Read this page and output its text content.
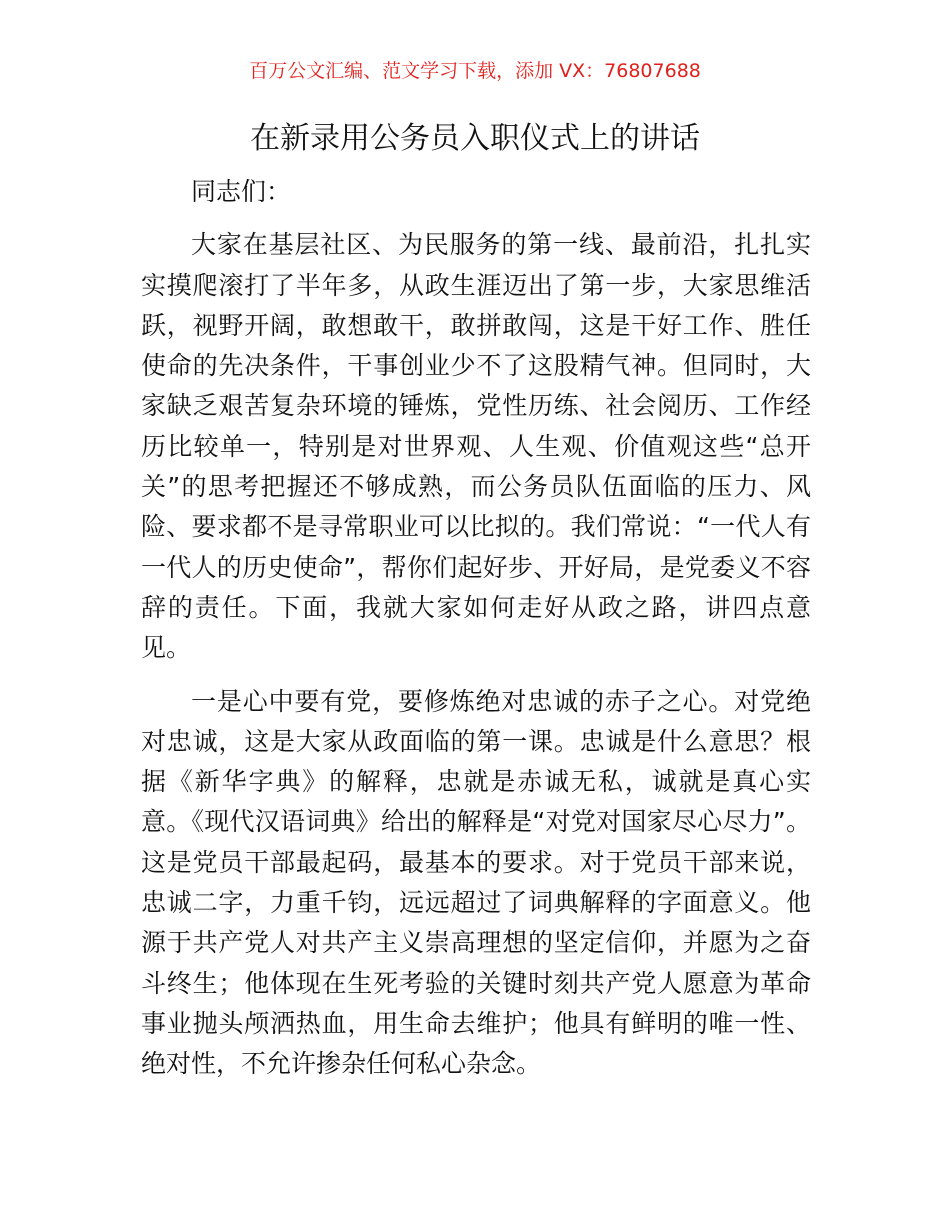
百万公文汇编、范文学习下载，添加 VX：76807688
在新录用公务员入职仪式上的讲话

同志们：

大家在基层社区、为民服务的第一线、最前沿，扎扎实实摸爬滚打了半年多，从政生涯迈出了第一步，大家思维活跃，视野开阔，敢想敢干，敢拼敢闯，这是干好工作、胜任使命的先决条件，干事创业少不了这股精气神。但同时，大家缺乏艰苦复杂环境的锤炼，党性历练、社会阅历、工作经历比较单一，特别是对世界观、人生观、价值观这些“总开关”的思考把握还不够成熟，而公务员队伍面临的压力、风险、要求都不是寻常职业可以比拟的。我们常说：“一代人有一代人的历史使命”，帮你们起好步、开好局，是党委义不容辞的责任。下面，我就大家如何走好从政之路，讲四点意见。

一是心中要有党，要修炼绝对忠诚的赤子之心。对党绝对忠诚，这是大家从政面临的第一课。忠诚是什么意思？根据《新华字典》的解释，忠就是赤诚无私，诚就是真心实意。《现代汉语词典》给出的解释是“对党对国家尽心尽力”。这是党员干部最起码，最基本的要求。对于党员干部来说，忠诚二字，力重千钧，远远超过了词典解释的字面意义。他源于共产党人对共产主义崇高理想的坚定信仰，并愿为之奋斗终生；他体现在生死考验的关键时刻共产党人愿意为革命事业抛头颅洒热血，用生命去维护；他具有鲜明的唯一性、绝对性，不允许掺杂任何私心杂念。
